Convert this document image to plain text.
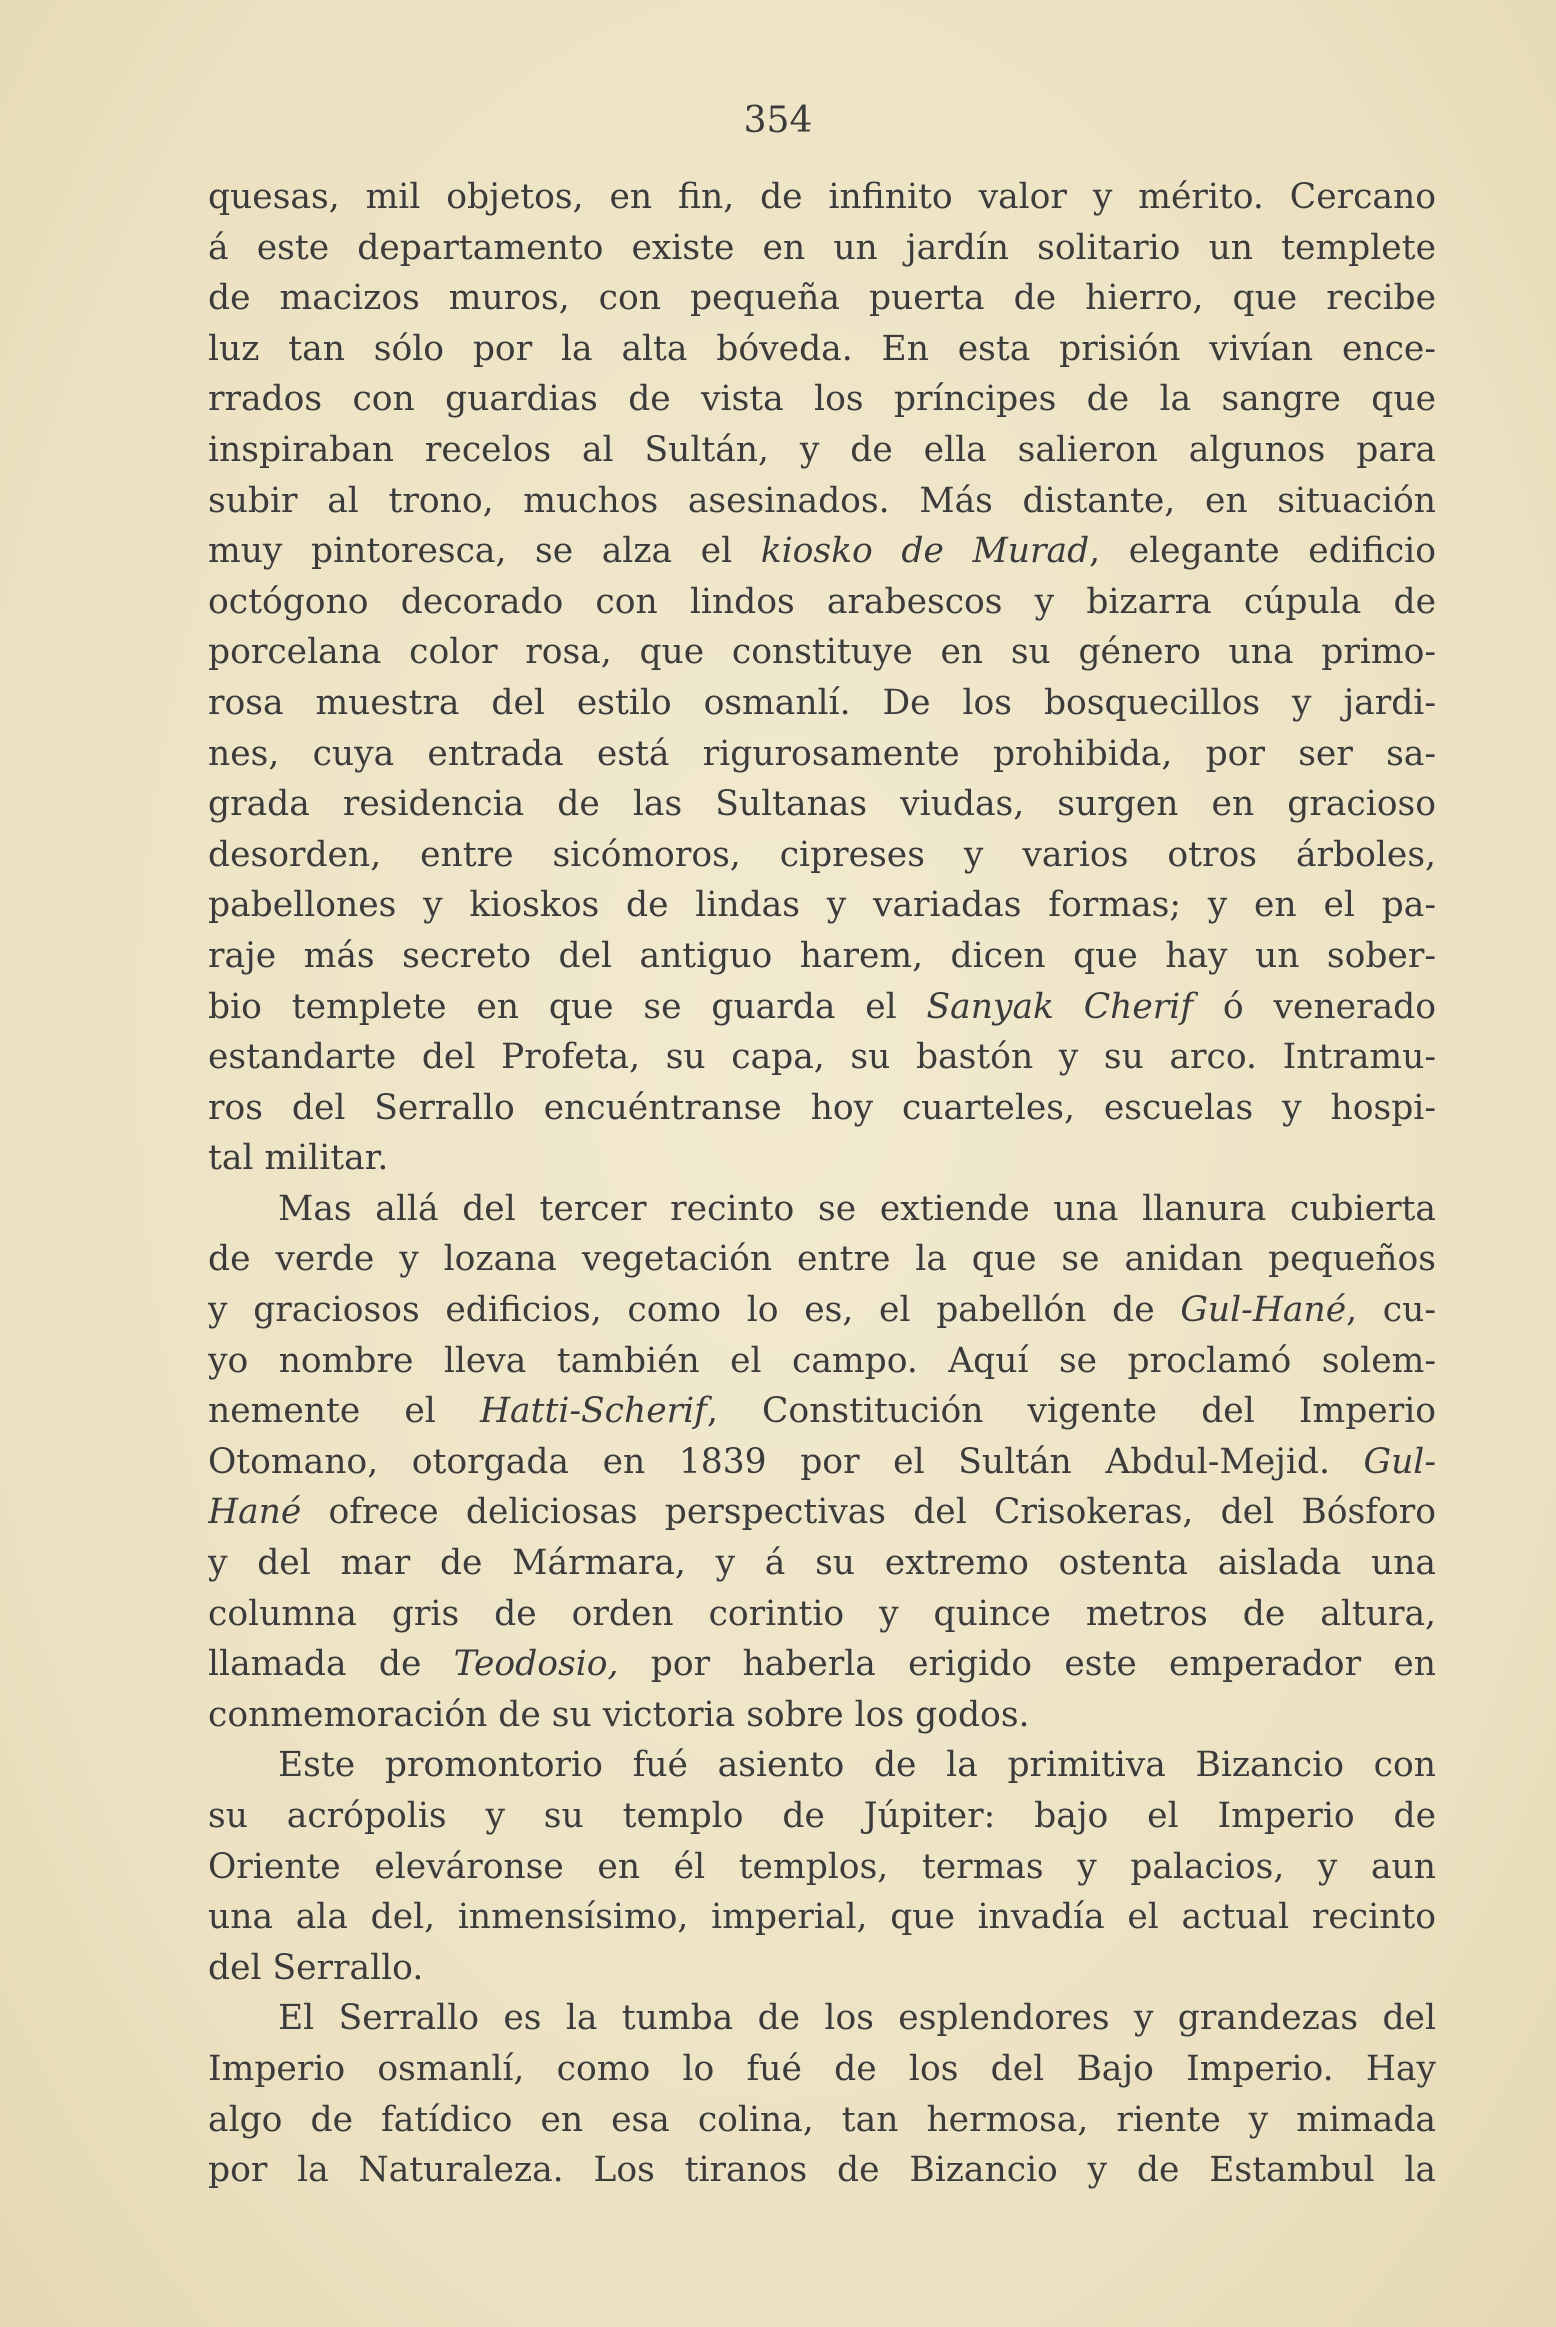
354
quesas, mil objetos, en fin, de infinito valor y mérito. Cercano
á este departamento existe en un jardín solitario un templete
de macizos muros, con pequeña puerta de hierro, que recibe
luz tan sólo por la alta bóveda. En esta prisión vivían ence-
rrados con guardias de vista los príncipes de la sangre que
inspiraban recelos al Sultán, y de ella salieron algunos para
subir al trono, muchos asesinados. Más distante, en situación
muy pintoresca, se alza el kiosko de Murad, elegante edificio
octógono decorado con lindos arabescos y bizarra cúpula de
porcelana color rosa, que constituye en su género una primo-
rosa muestra del estilo osmanlí. De los bosquecillos y jardi-
nes, cuya entrada está rigurosamente prohibida, por ser sa-
grada residencia de las Sultanas viudas, surgen en gracioso
desorden, entre sicómoros, cipreses y varios otros árboles,
pabellones y kioskos de lindas y variadas formas; y en el pa-
raje más secreto del antiguo harem, dicen que hay un sober-
bio templete en que se guarda el Sanyak Cherif ó venerado
estandarte del Profeta, su capa, su bastón y su arco. Intramu-
ros del Serrallo encuéntranse hoy cuarteles, escuelas y hospi-
tal militar.
Mas allá del tercer recinto se extiende una llanura cubierta
de verde y lozana vegetación entre la que se anidan pequeños
y graciosos edificios, como lo es, el pabellón de Gul-Hané, cu-
yo nombre lleva también el campo. Aquí se proclamó solem-
nemente el Hatti-Scherif, Constitución vigente del Imperio
Otomano, otorgada en 1839 por el Sultán Abdul-Mejid. Gul-
Hané ofrece deliciosas perspectivas del Crisokeras, del Bósforo
y del mar de Mármara, y á su extremo ostenta aislada una
columna gris de orden corintio y quince metros de altura,
llamada de Teodosio, por haberla erigido este emperador en
conmemoración de su victoria sobre los godos.
Este promontorio fué asiento de la primitiva Bizancio con
su acrópolis y su templo de Júpiter: bajo el Imperio de
Oriente eleváronse en él templos, termas y palacios, y aun
una ala del, inmensísimo, imperial, que invadía el actual recinto
del Serrallo.
El Serrallo es la tumba de los esplendores y grandezas del
Imperio osmanlí, como lo fué de los del Bajo Imperio. Hay
algo de fatídico en esa colina, tan hermosa, riente y mimada
por la Naturaleza. Los tiranos de Bizancio y de Estambul la
